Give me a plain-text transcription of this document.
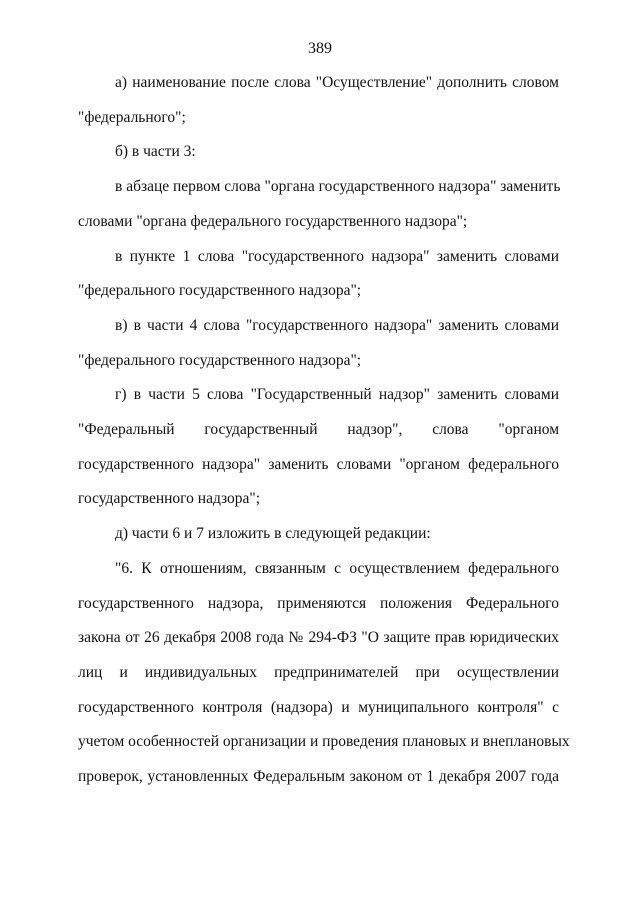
389
а) наименование после слова "Осуществление" дополнить словом
"федерального";
б) в части 3:
в абзаце первом слова "органа государственного надзора" заменить
словами "органа федерального государственного надзора";
в пункте 1 слова "государственного надзора" заменить словами
"федерального государственного надзора";
в) в части 4 слова "государственного надзора" заменить словами
"федерального государственного надзора";
г) в части 5 слова "Государственный надзор" заменить словами
"Федеральный государственный надзор", слова "органом
государственного надзора" заменить словами "органом федерального
государственного надзора";
д) части 6 и 7 изложить в следующей редакции:
"6. К отношениям, связанным с осуществлением федерального
государственного надзора, применяются положения Федерального
закона от 26 декабря 2008 года № 294-ФЗ "О защите прав юридических
лиц и индивидуальных предпринимателей при осуществлении
государственного контроля (надзора) и муниципального контроля" с
учетом особенностей организации и проведения плановых и внеплановых
проверок, установленных Федеральным законом от 1 декабря 2007 года
